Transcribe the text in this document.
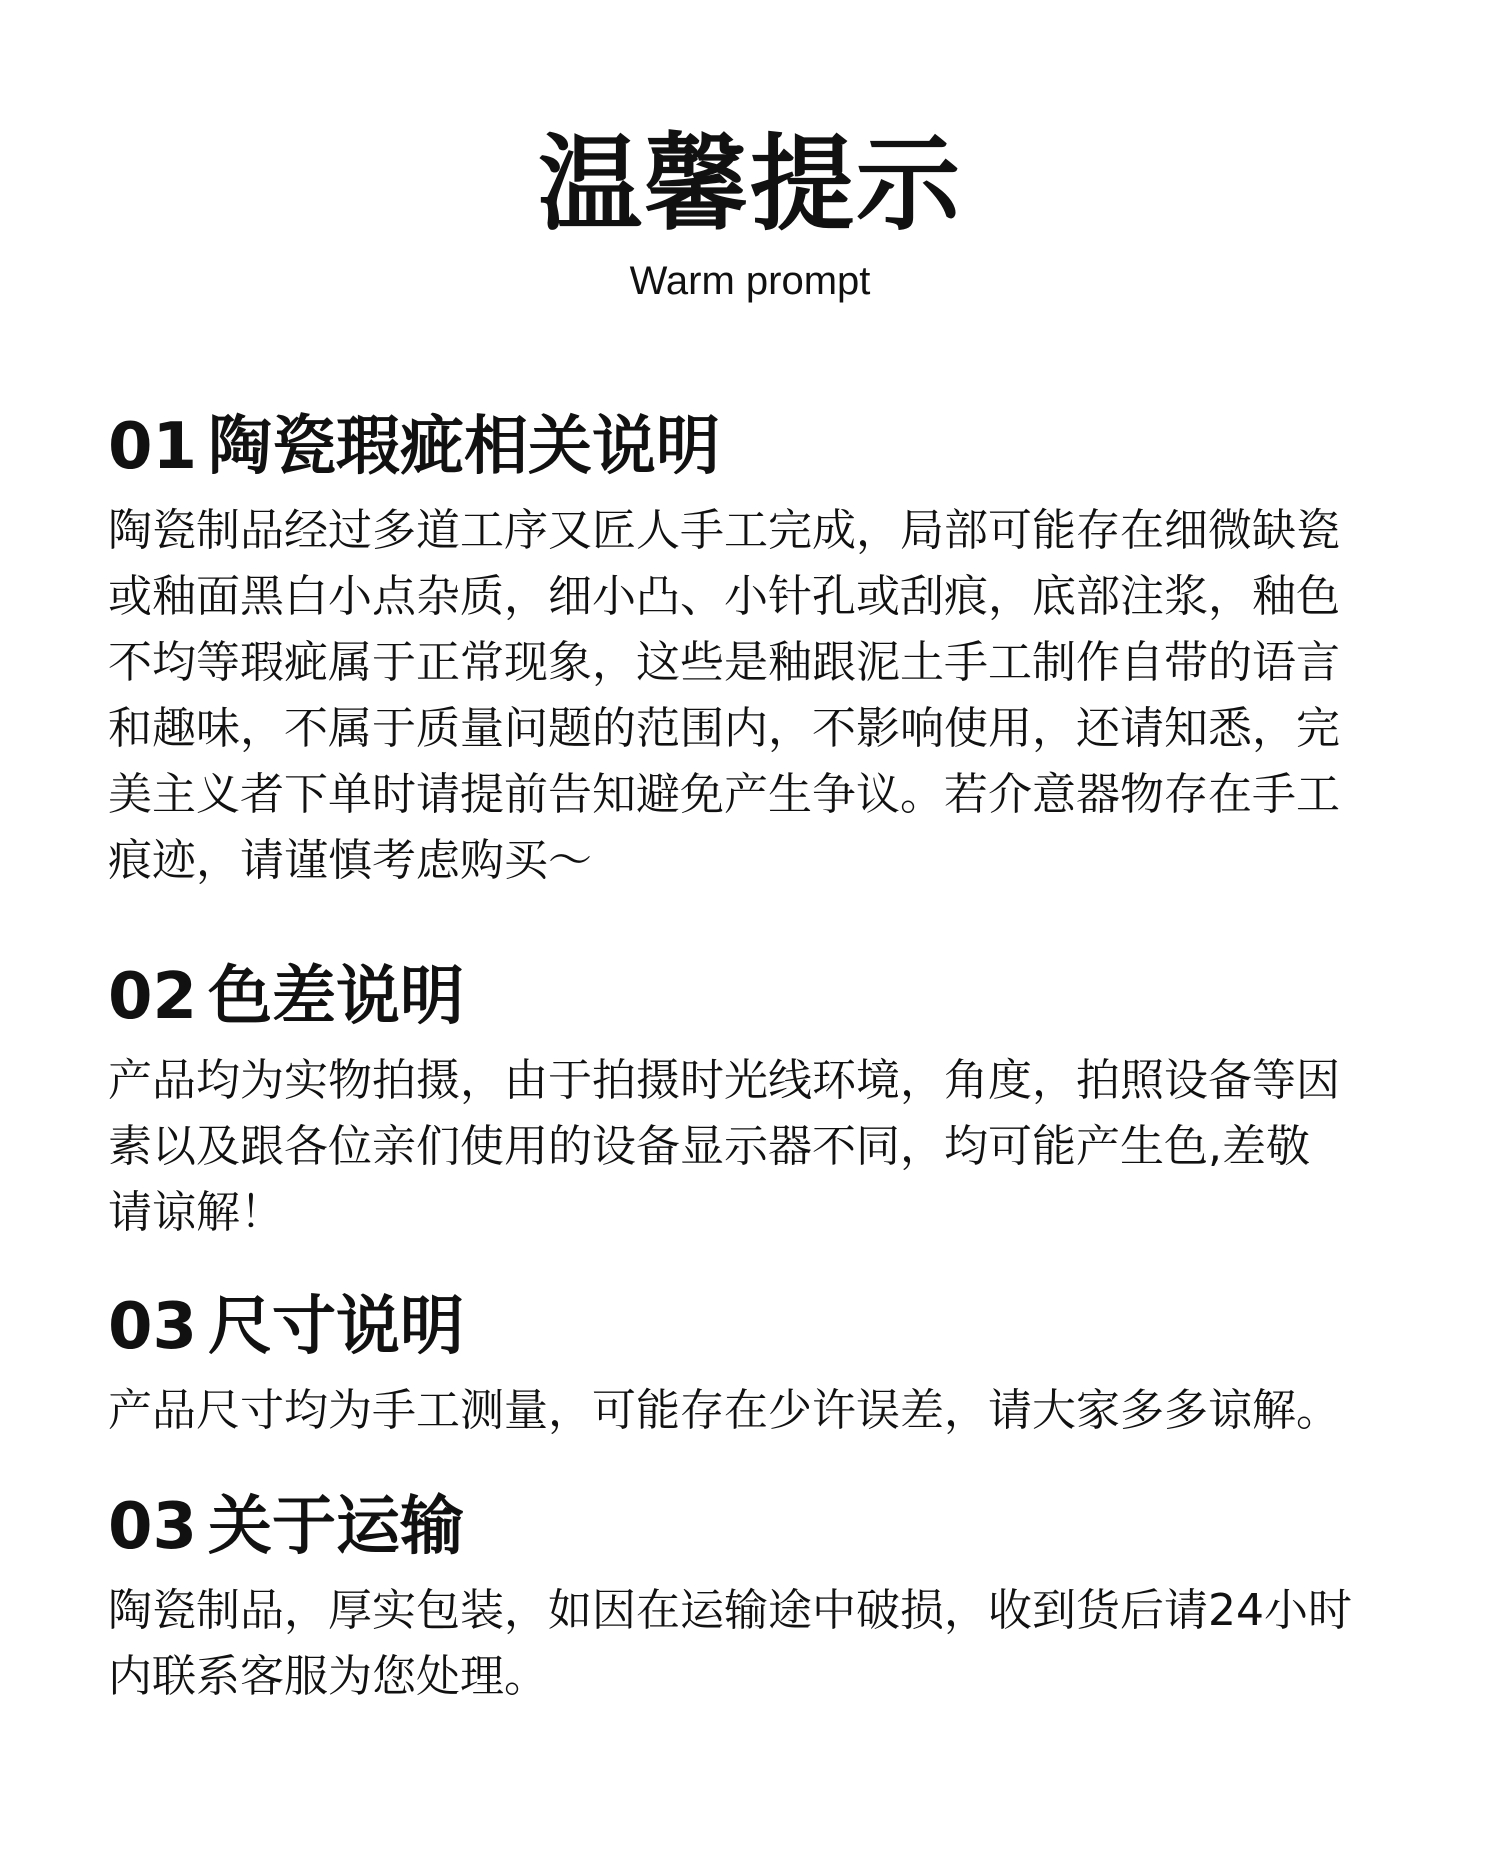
温馨提示
Warm prompt
01 陶瓷瑕疵相关说明
陶瓷制品经过多道工序又匠人手工完成，局部可能存在细微缺瓷
或釉面黑白小点杂质，细小凸、小针孔或刮痕，底部注浆，釉色
不均等瑕疵属于正常现象，这些是釉跟泥土手工制作自带的语言
和趣味，不属于质量问题的范围内，不影响使用，还请知悉，完
美主义者下单时请提前告知避免产生争议。若介意器物存在手工
痕迹，请谨慎考虑购买～
02 色差说明
产品均为实物拍摄，由于拍摄时光线环境，角度，拍照设备等因
素以及跟各位亲们使用的设备显示器不同，均可能产生色,差敬
请谅解！
03 尺寸说明
产品尺寸均为手工测量，可能存在少许误差，请大家多多谅解。
03 关于运输
陶瓷制品，厚实包装，如因在运输途中破损，收到货后请24小时
内联系客服为您处理。
